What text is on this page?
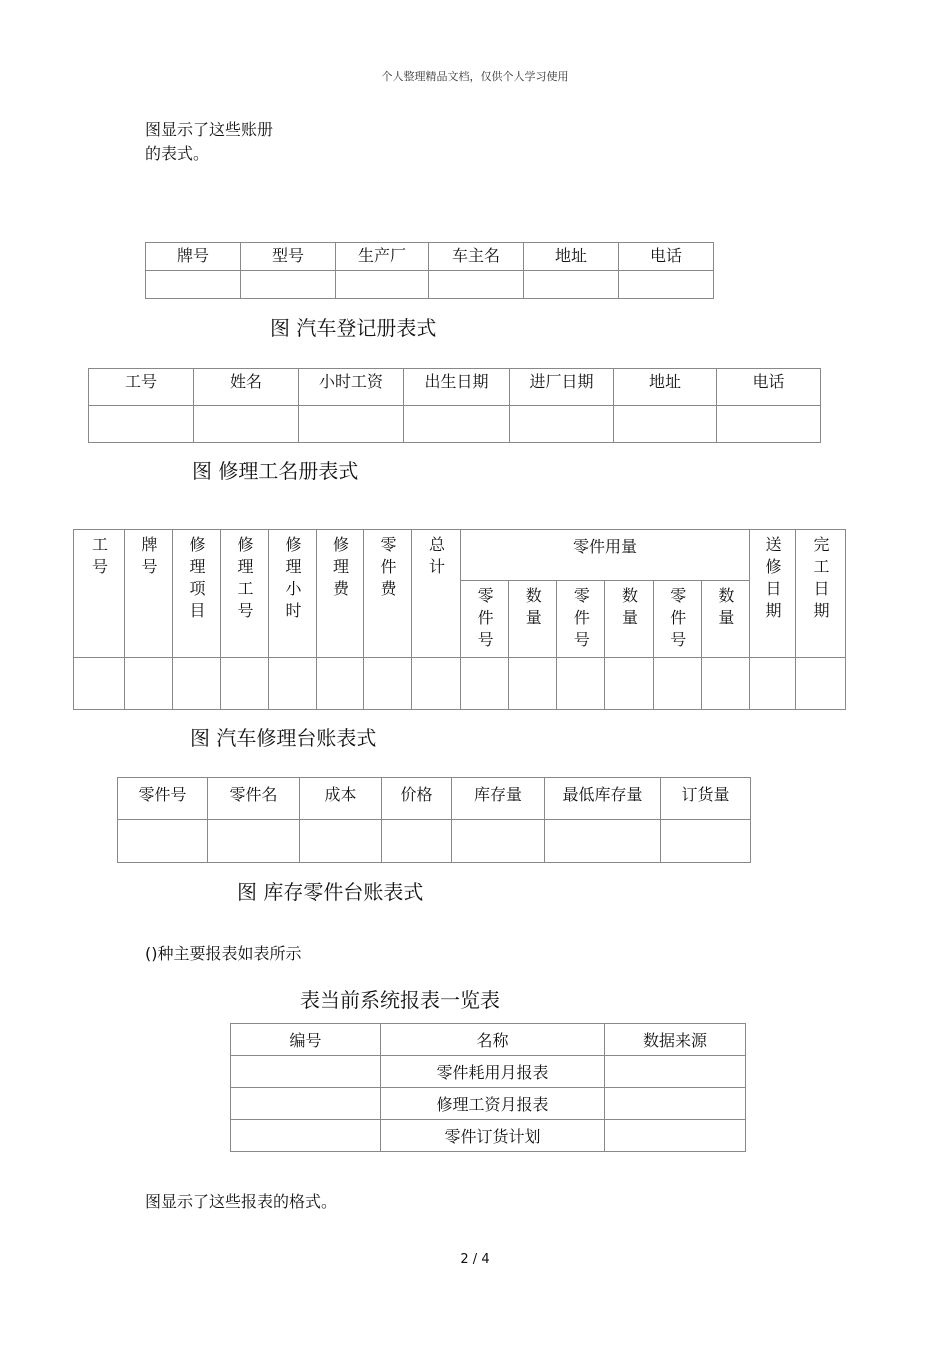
个人整理精品文档，仅供个人学习使用
图显示了这些账册
的表式。
牌号	型号	生产厂	车主名	地址	电话

图 汽车登记册表式
工号	姓名	小时工资	出生日期	进厂日期	地址	电话

图 修理工名册表式
工号	牌号	修理项目	修理工号	修理小时	修理费	零件费	总计	零件用量						送修日期	完工日期

								零件号	数量	零件号	数量	零件号	数量		

图 汽车修理台账表式
零件号	零件名	成本	价格	库存量	最低库存量	订货量

图 库存零件台账表式
()种主要报表如表所示
表当前系统报表一览表
编号	名称	数据来源
	零件耗用月报表	
	修理工资月报表	
	零件订货计划	
图显示了这些报表的格式。
2 / 4
